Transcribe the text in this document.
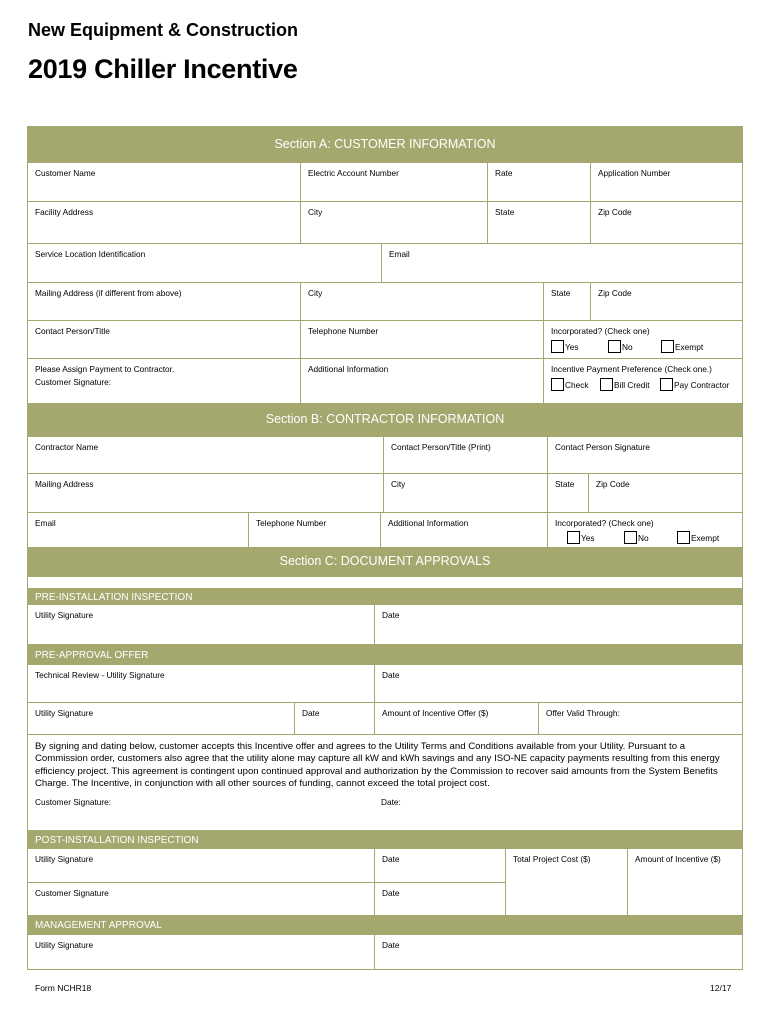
New Equipment & Construction
2019 Chiller Incentive
Section A: CUSTOMER INFORMATION
Customer Name	Electric Account Number	Rate	Application Number
Facility Address	City	State	Zip Code
Service Location Identification	Email
Mailing Address (if different from above)	City	State	Zip Code
Contact Person/Title	Telephone Number	Incorporated? (Check one)
Yes	No	Exempt
Please Assign Payment to Contractor.
Customer Signature:
Additional Information	Incentive Payment Preference (Check one.)
Check	Bill Credit	Pay Contractor
Section B: CONTRACTOR INFORMATION
Contractor Name	Contact Person/Title (Print)	Contact Person Signature
Mailing Address	City	State	Zip Code
Email	Telephone Number	Additional Information	Incorporated? (Check one)
Yes	No	Exempt
Section C: DOCUMENT APPROVALS
PRE-INSTALLATION INSPECTION
Utility Signature	Date
PRE-APPROVAL OFFER
Technical Review - Utility Signature	Date
Utility Signature	Date	Amount of Incentive Offer ($)	Offer Valid Through:
By signing and dating below, customer accepts this Incentive offer and agrees to the Utility Terms and Conditions available from your Utility. Pursuant to a Commission order, customers also agree that the utility alone may capture all kW and kWh savings and any ISO-NE capacity payments resulting from this energy efficiency project. This agreement is contingent upon continued approval and authorization by the Commission to recover said amounts from the System Benefits Charge. The Incentive, in conjunction with all other sources of funding, cannot exceed the total project cost.
Customer Signature:	Date:
POST-INSTALLATION INSPECTION
Utility Signature	Date	Total Project Cost ($)	Amount of Incentive ($)
Customer Signature	Date
MANAGEMENT APPROVAL
Utility Signature	Date
Form NCHR18	12/17
